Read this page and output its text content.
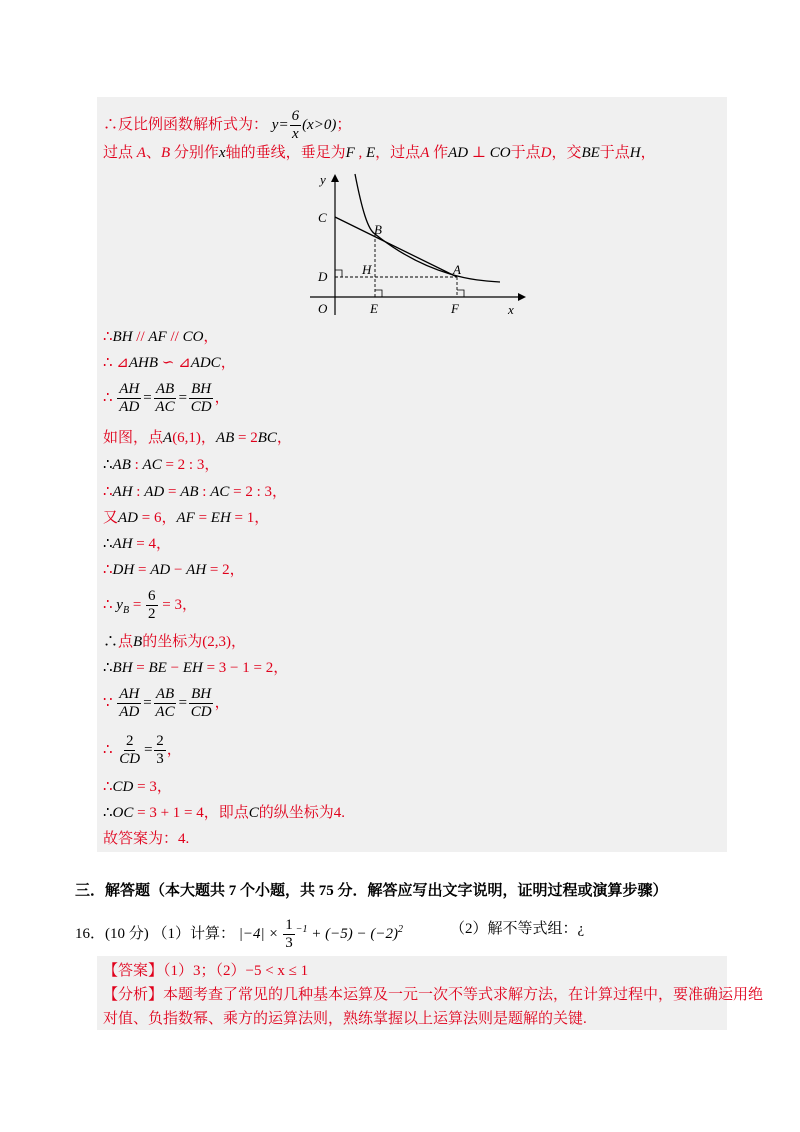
∴反比例函数解析式为： $y= \frac{6}{x} (x>0)$；
过点 A、B 分别作x轴的垂线，垂足为F , E，过点A 作AD ⊥ CO于点D，交BE于点H，
y
x
O
C
B
D	H	A
E	F
∴BH // AF // CO，
∴ ⊿AHB ∽ ⊿ADC，
∴ $\frac{AH}{AD} = \frac{AB}{AC} = \frac{BH}{CD}$ ，
如图，点A(6,1)，AB = 2BC，
∴AB : AC = 2 : 3，
∴AH : AD = AB : AC = 2 : 3，
又AD = 6，AF = EH = 1，
∴AH = 4，
∴DH = AD − AH = 2，
∴ $y_B = \frac{6}{2} = 3$，
∴点B的坐标为(2,3)，
∴BH = BE − EH = 3 − 1 = 2，
∵ $\frac{AH}{AD} = \frac{AB}{AC} = \frac{BH}{CD}$ ，
∴ $\frac{2}{CD} = \frac{2}{3}$ ，
∴CD = 3，
∴OC = 3 + 1 = 4，即点C的纵坐标为4.
故答案为：4.
三．解答题（本大题共 7 个小题，共 75 分．解答应写出文字说明，证明过程或演算步骤）
16．(10 分) （1）计算： $|-4| \times \frac{1}{3} ^{-1} + (-5) - (-2)^2$	（2）解不等式组：¿
【答案】（1）3；（2）−5 < x ≤ 1
【分析】本题考查了常见的几种基本运算及一元一次不等式求解方法，在计算过程中，要准确运用绝
对值、负指数幂、乘方的运算法则，熟练掌握以上运算法则是题解的关键.
